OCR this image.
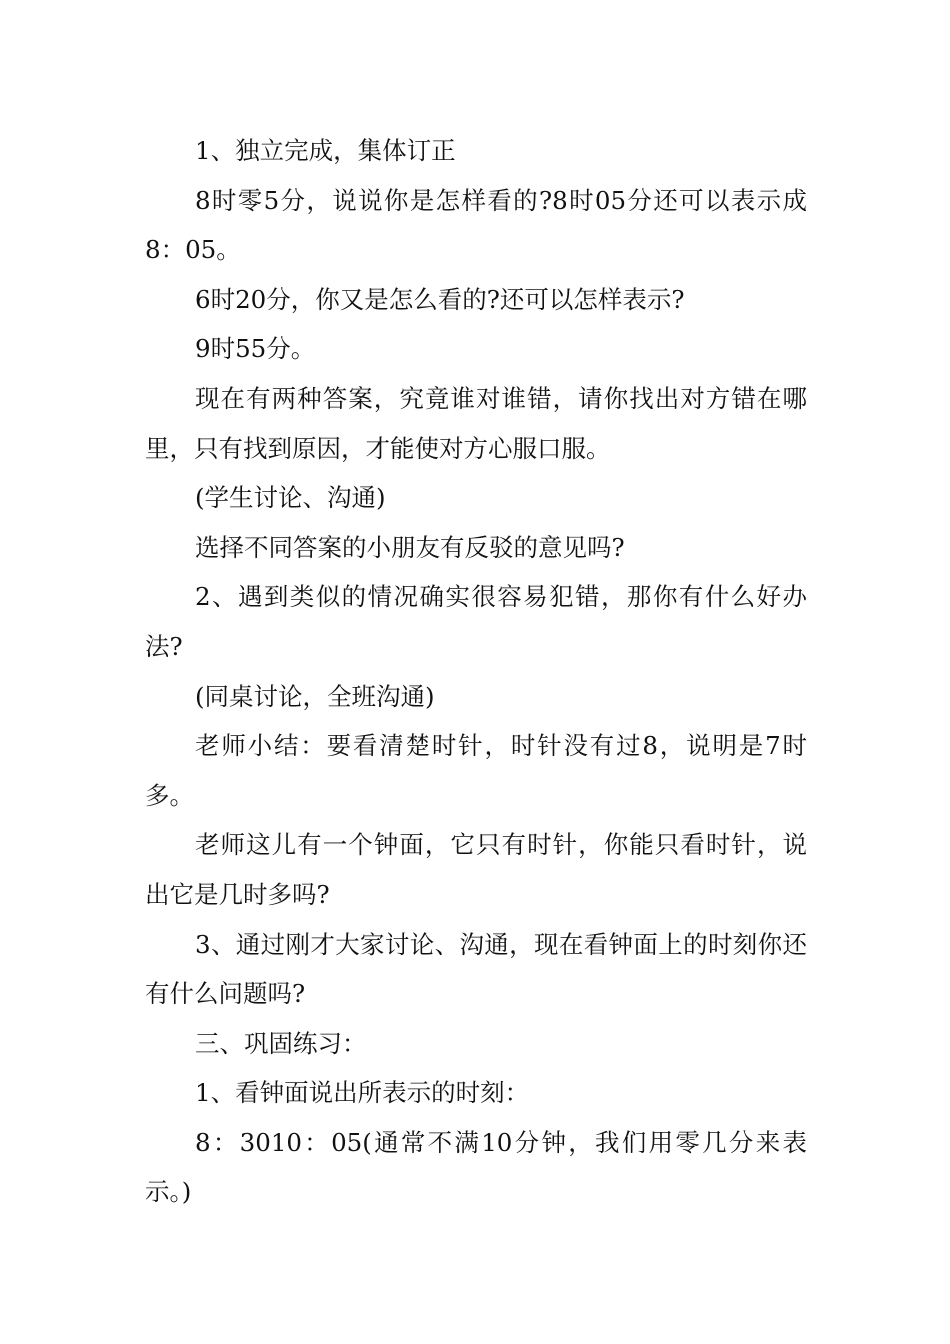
1、独立完成，集体订正

8时零5分，说说你是怎样看的?8时05分还可以表示成8：05。

6时20分，你又是怎么看的?还可以怎样表示?

9时55分。

现在有两种答案，究竟谁对谁错，请你找出对方错在哪里，只有找到原因，才能使对方心服口服。

(学生讨论、沟通)

选择不同答案的小朋友有反驳的意见吗?

2、遇到类似的情况确实很容易犯错，那你有什么好办法?

(同桌讨论，全班沟通)

老师小结：要看清楚时针，时针没有过8，说明是7时多。

老师这儿有一个钟面，它只有时针，你能只看时针，说出它是几时多吗?

3、通过刚才大家讨论、沟通，现在看钟面上的时刻你还有什么问题吗?

三、巩固练习：

1、看钟面说出所表示的时刻：

8：3010：05(通常不满10分钟，我们用零几分来表示。)
